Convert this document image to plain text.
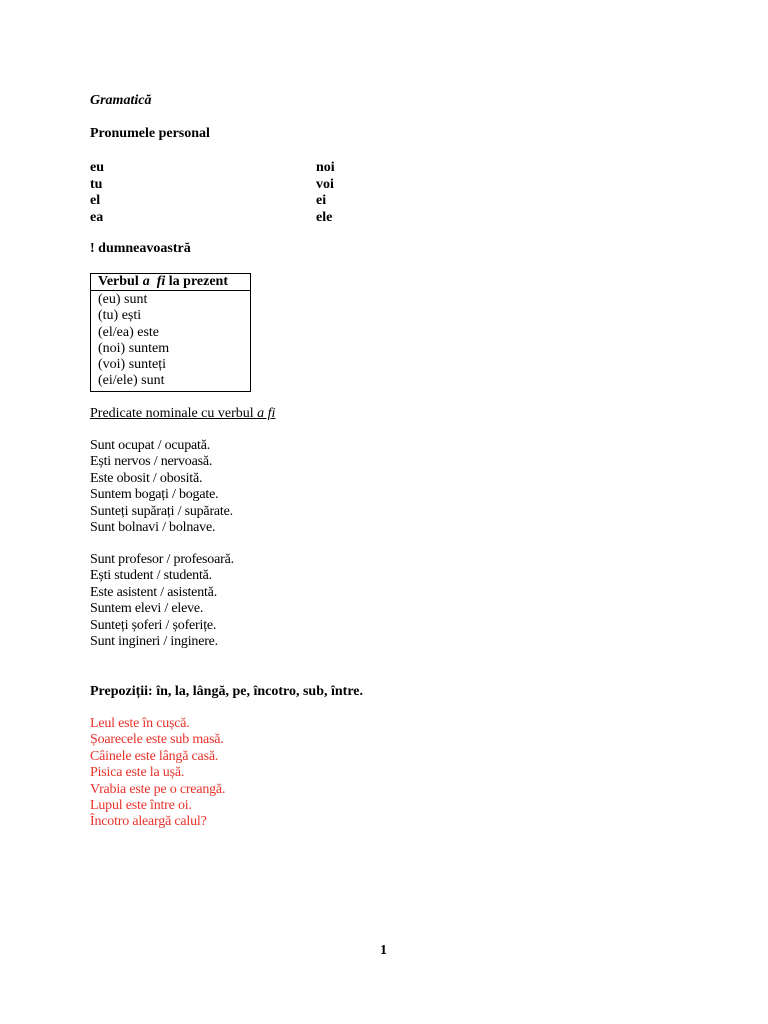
Gramatică
Pronumele personal
eu
tu
el
ea
noi
voi
ei
ele
! dumneavoastră
Verbul a  fi la prezent
(eu) sunt
(tu) ești
(el/ea) este
(noi) suntem
(voi) sunteți
(ei/ele) sunt
Predicate nominale cu verbul a fi
Sunt ocupat / ocupată.
Ești nervos / nervoasă.
Este obosit / obosită.
Suntem bogați / bogate.
Sunteți supărați / supărate.
Sunt bolnavi / bolnave.
Sunt profesor / profesoară.
Ești student / studentă.
Este asistent / asistentă.
Suntem elevi / eleve.
Sunteți șoferi / șoferițe.
Sunt ingineri / inginere.
Prepoziții: în, la, lângă, pe, încotro, sub, între.
Leul este în cușcă.
Șoarecele este sub masă.
Câinele este lângă casă.
Pisica este la ușă.
Vrabia este pe o creangă.
Lupul este între oi.
Încotro aleargă calul?
1
